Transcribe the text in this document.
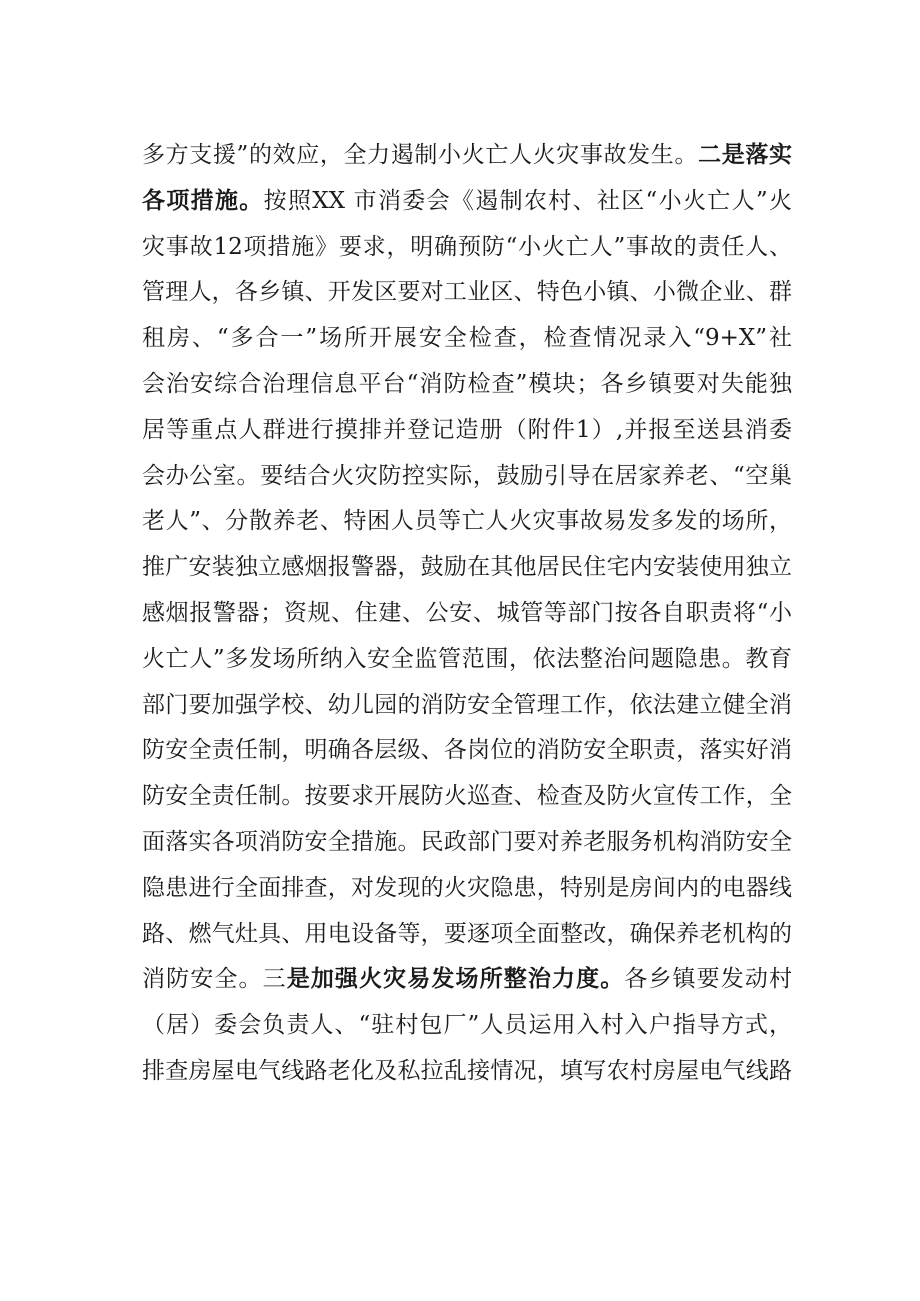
多方支援”的效应，全力遏制小火亡人火灾事故发生。二是落实
各项措施。按照XX 市消委会《遏制农村、社区“小火亡人”火
灾事故12项措施》要求，明确预防“小火亡人”事故的责任人、
管理人，各乡镇、开发区要对工业区、特色小镇、小微企业、群
租房、“多合一”场所开展安全检查，检查情况录入“9+X”社
会治安综合治理信息平台“消防检查”模块；各乡镇要对失能独
居等重点人群进行摸排并登记造册（附件1）,并报至送县消委
会办公室。要结合火灾防控实际，鼓励引导在居家养老、“空巢
老人”、分散养老、特困人员等亡人火灾事故易发多发的场所，
推广安装独立感烟报警器，鼓励在其他居民住宅内安装使用独立
感烟报警器；资规、住建、公安、城管等部门按各自职责将“小
火亡人”多发场所纳入安全监管范围，依法整治问题隐患。教育
部门要加强学校、幼儿园的消防安全管理工作，依法建立健全消
防安全责任制，明确各层级、各岗位的消防安全职责，落实好消
防安全责任制。按要求开展防火巡查、检查及防火宣传工作，全
面落实各项消防安全措施。民政部门要对养老服务机构消防安全
隐患进行全面排查，对发现的火灾隐患，特别是房间内的电器线
路、燃气灶具、用电设备等，要逐项全面整改，确保养老机构的
消防安全。三是加强火灾易发场所整治力度。各乡镇要发动村
（居）委会负责人、“驻村包厂”人员运用入村入户指导方式，
排查房屋电气线路老化及私拉乱接情况，填写农村房屋电气线路
